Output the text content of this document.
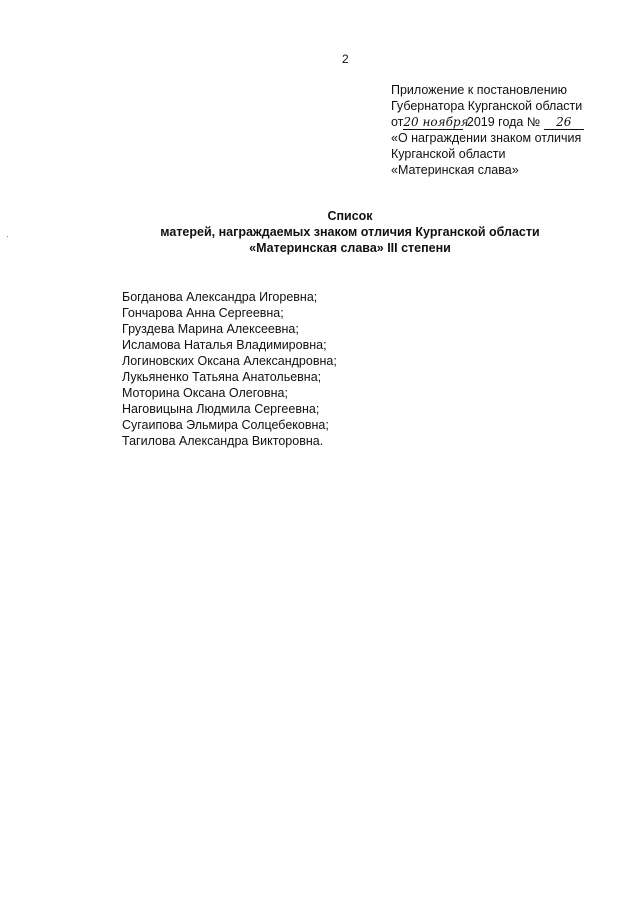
2
Приложение к постановлению
Губернатора Курганской области
от20 ноября 2019 года № 26
«О награждении знаком отличия
Курганской области
«Материнская слава»
Список
матерей, награждаемых знаком отличия Курганской области
«Материнская слава» III степени
Богданова Александра Игоревна;
Гончарова Анна Сергеевна;
Груздева Марина Алексеевна;
Исламова Наталья Владимировна;
Логиновских Оксана Александровна;
Лукьяненко Татьяна Анатольевна;
Моторина Оксана Олеговна;
Наговицына Людмила Сергеевна;
Сугаипова Эльмира Солцебековна;
Тагилова Александра Викторовна.
